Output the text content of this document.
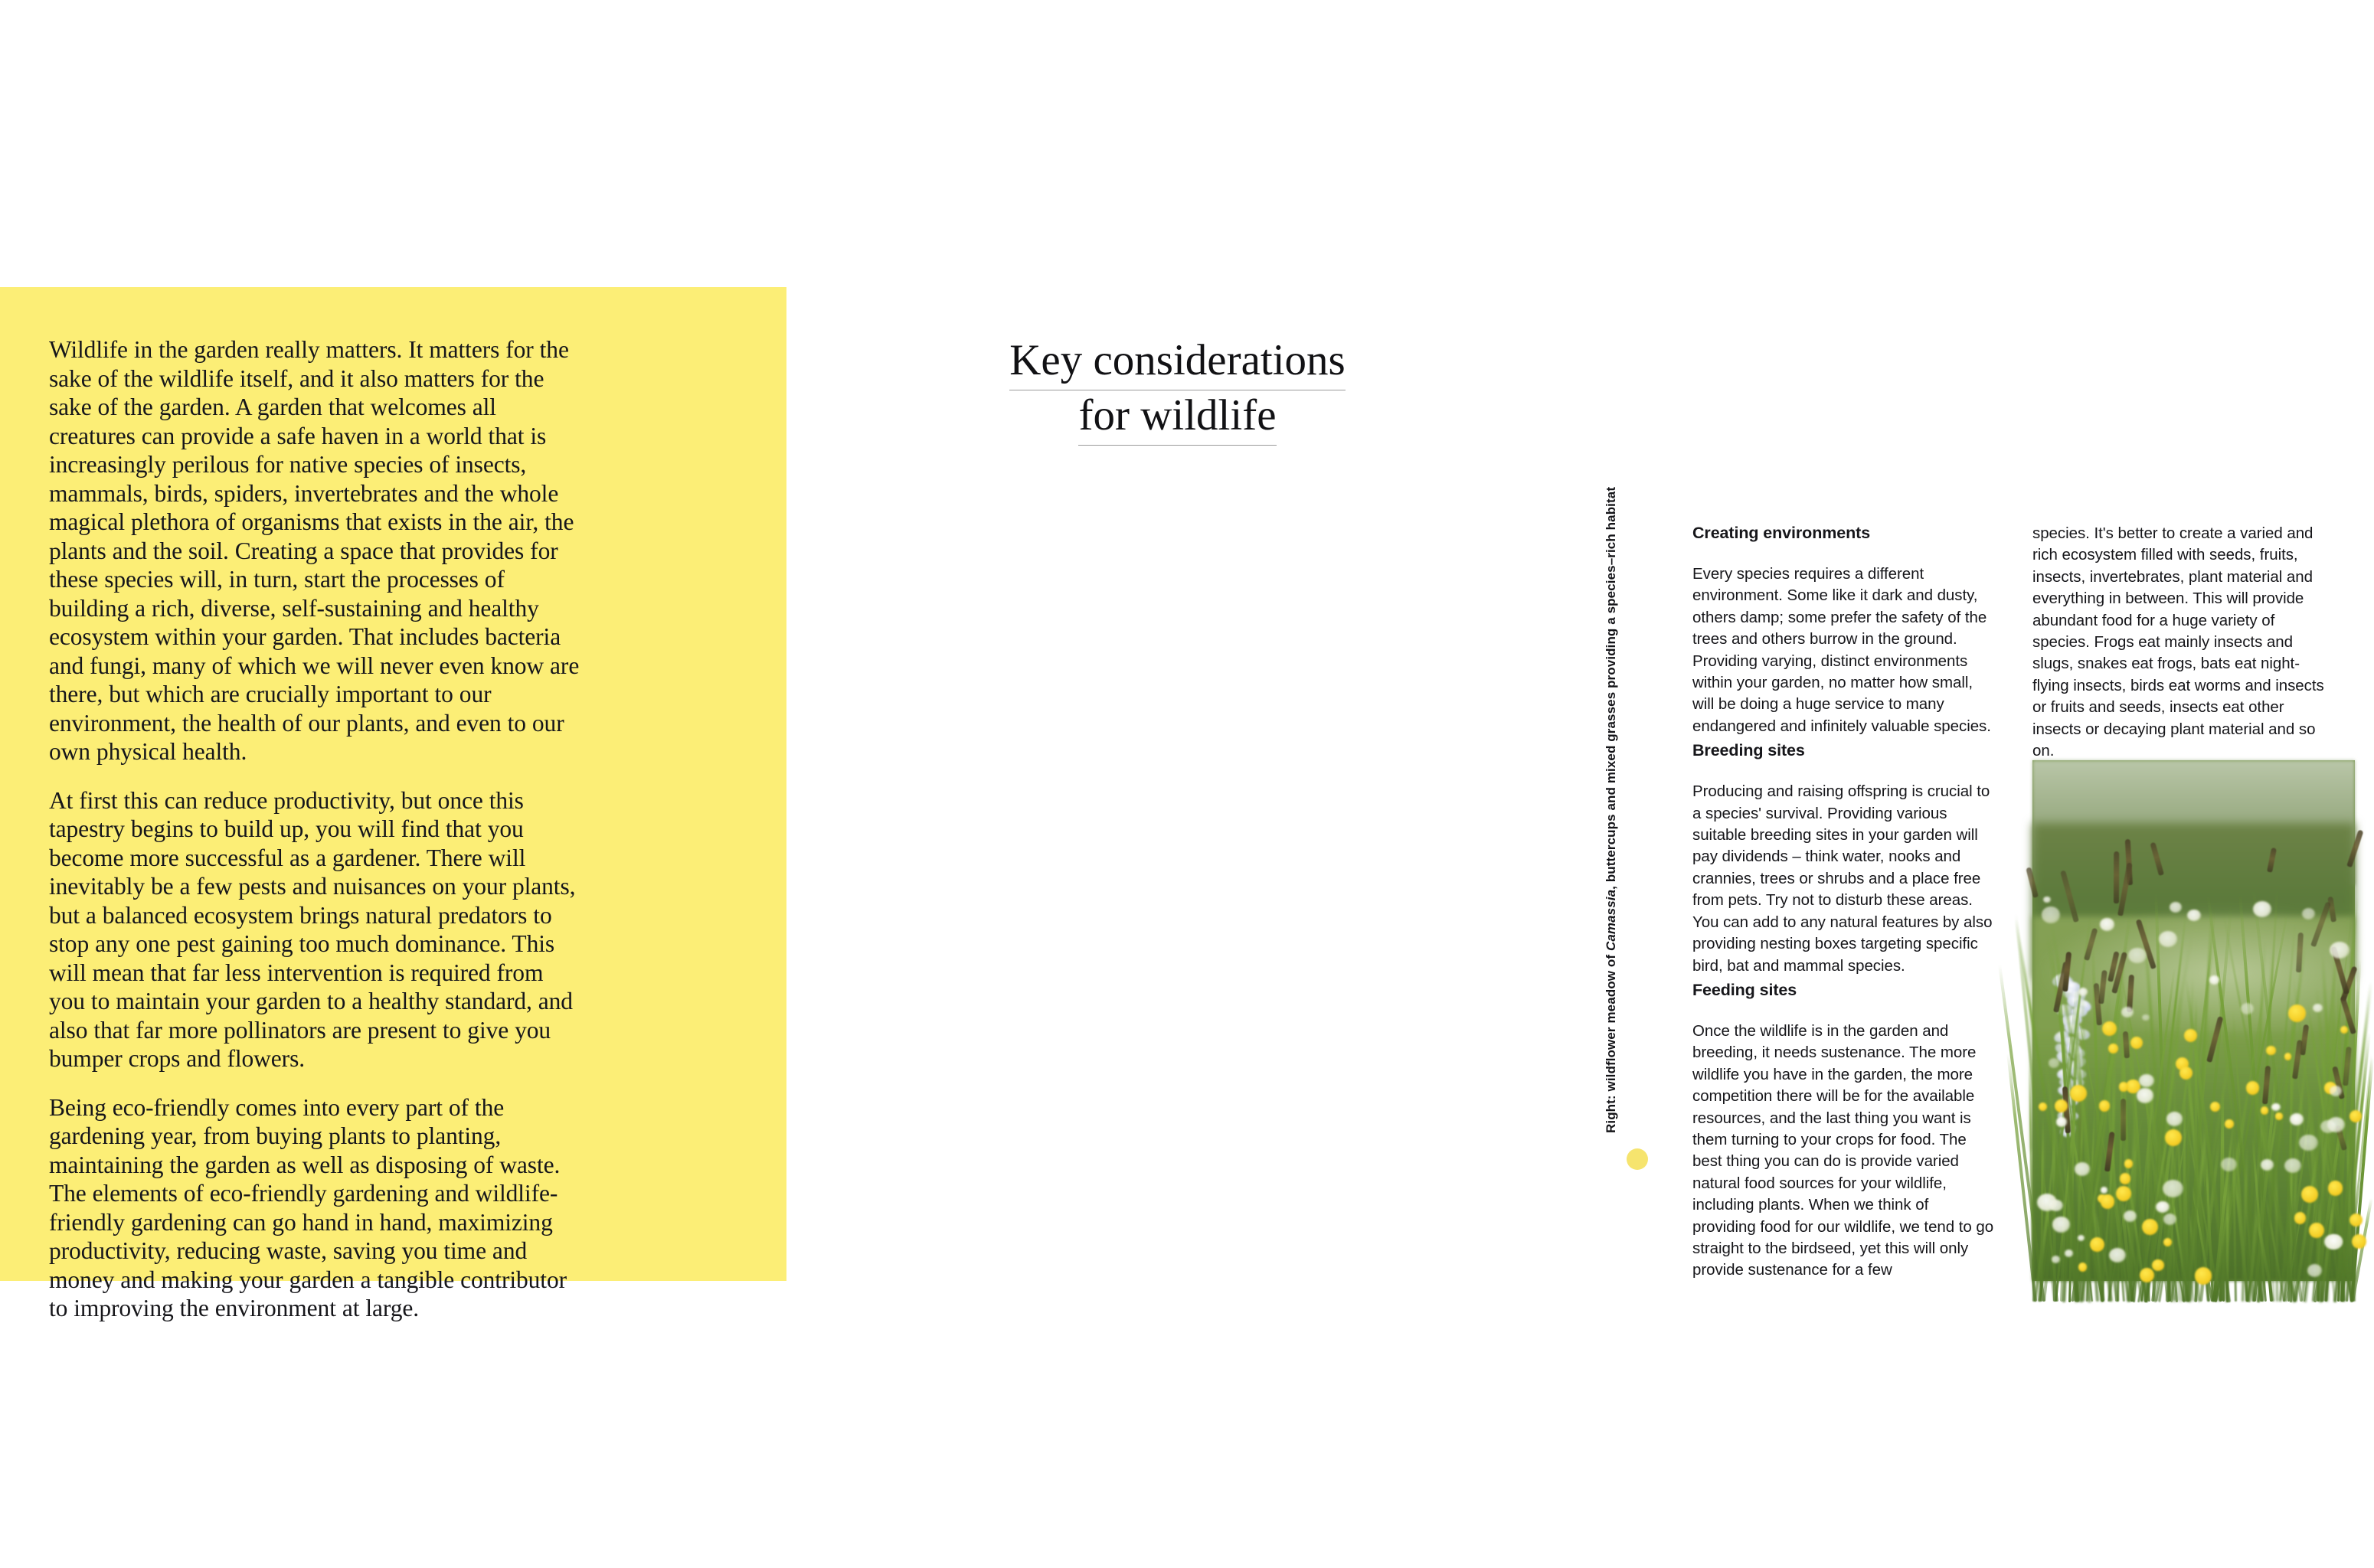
Wildlife in the garden really matters. It matters for the sake of the wildlife itself, and it also matters for the sake of the garden. A garden that welcomes all creatures can provide a safe haven in a world that is increasingly perilous for native species of insects, mammals, birds, spiders, invertebrates and the whole magical plethora of organisms that exists in the air, the plants and the soil. Creating a space that provides for these species will, in turn, start the processes of building a rich, diverse, self-sustaining and healthy ecosystem within your garden. That includes bacteria and fungi, many of which we will never even know are there, but which are crucially important to our environment, the health of our plants, and even to our own physical health.

At first this can reduce productivity, but once this tapestry begins to build up, you will find that you become more successful as a gardener. There will inevitably be a few pests and nuisances on your plants, but a balanced ecosystem brings natural predators to stop any one pest gaining too much dominance. This will mean that far less intervention is required from you to maintain your garden to a healthy standard, and also that far more pollinators are present to give you bumper crops and flowers.

Being eco-friendly comes into every part of the gardening year, from buying plants to planting, maintaining the garden as well as disposing of waste. The elements of eco-friendly gardening and wildlife-friendly gardening can go hand in hand, maximizing productivity, reducing waste, saving you time and money and making your garden a tangible contributor to improving the environment at large.

Key considerations
for wildlife
Right: wildflower meadow of Camassia, buttercups and mixed grasses providing a species–rich habitat	Creating environments

Every species requires a different environment. Some like it dark and dusty, others damp; some prefer the safety of the trees and others burrow in the ground. Providing varying, distinct environments within your garden, no matter how small, will be doing a huge service to many endangered and infinitely valuable species.

Breeding sites

Producing and raising offspring is crucial to a species' survival. Providing various suitable breeding sites in your garden will pay dividends – think water, nooks and crannies, trees or shrubs and a place free from pets. Try not to disturb these areas. You can add to any natural features by also providing nesting boxes targeting specific bird, bat and mammal species.

Feeding sites

Once the wildlife is in the garden and breeding, it needs sustenance. The more wildlife you have in the garden, the more competition there will be for the available resources, and the last thing you want is them turning to your crops for food. The best thing you can do is provide varied natural food sources for your wildlife, including plants. When we think of providing food for our wildlife, we tend to go straight to the birdseed, yet this will only provide sustenance for a few

species. It's better to create a varied and rich ecosystem filled with seeds, fruits, insects, invertebrates, plant material and everything in between. This will provide abundant food for a huge variety of species. Frogs eat mainly insects and slugs, snakes eat frogs, bats eat night-flying insects, birds eat worms and insects or fruits and seeds, insects eat other insects or decaying plant material and so on.
